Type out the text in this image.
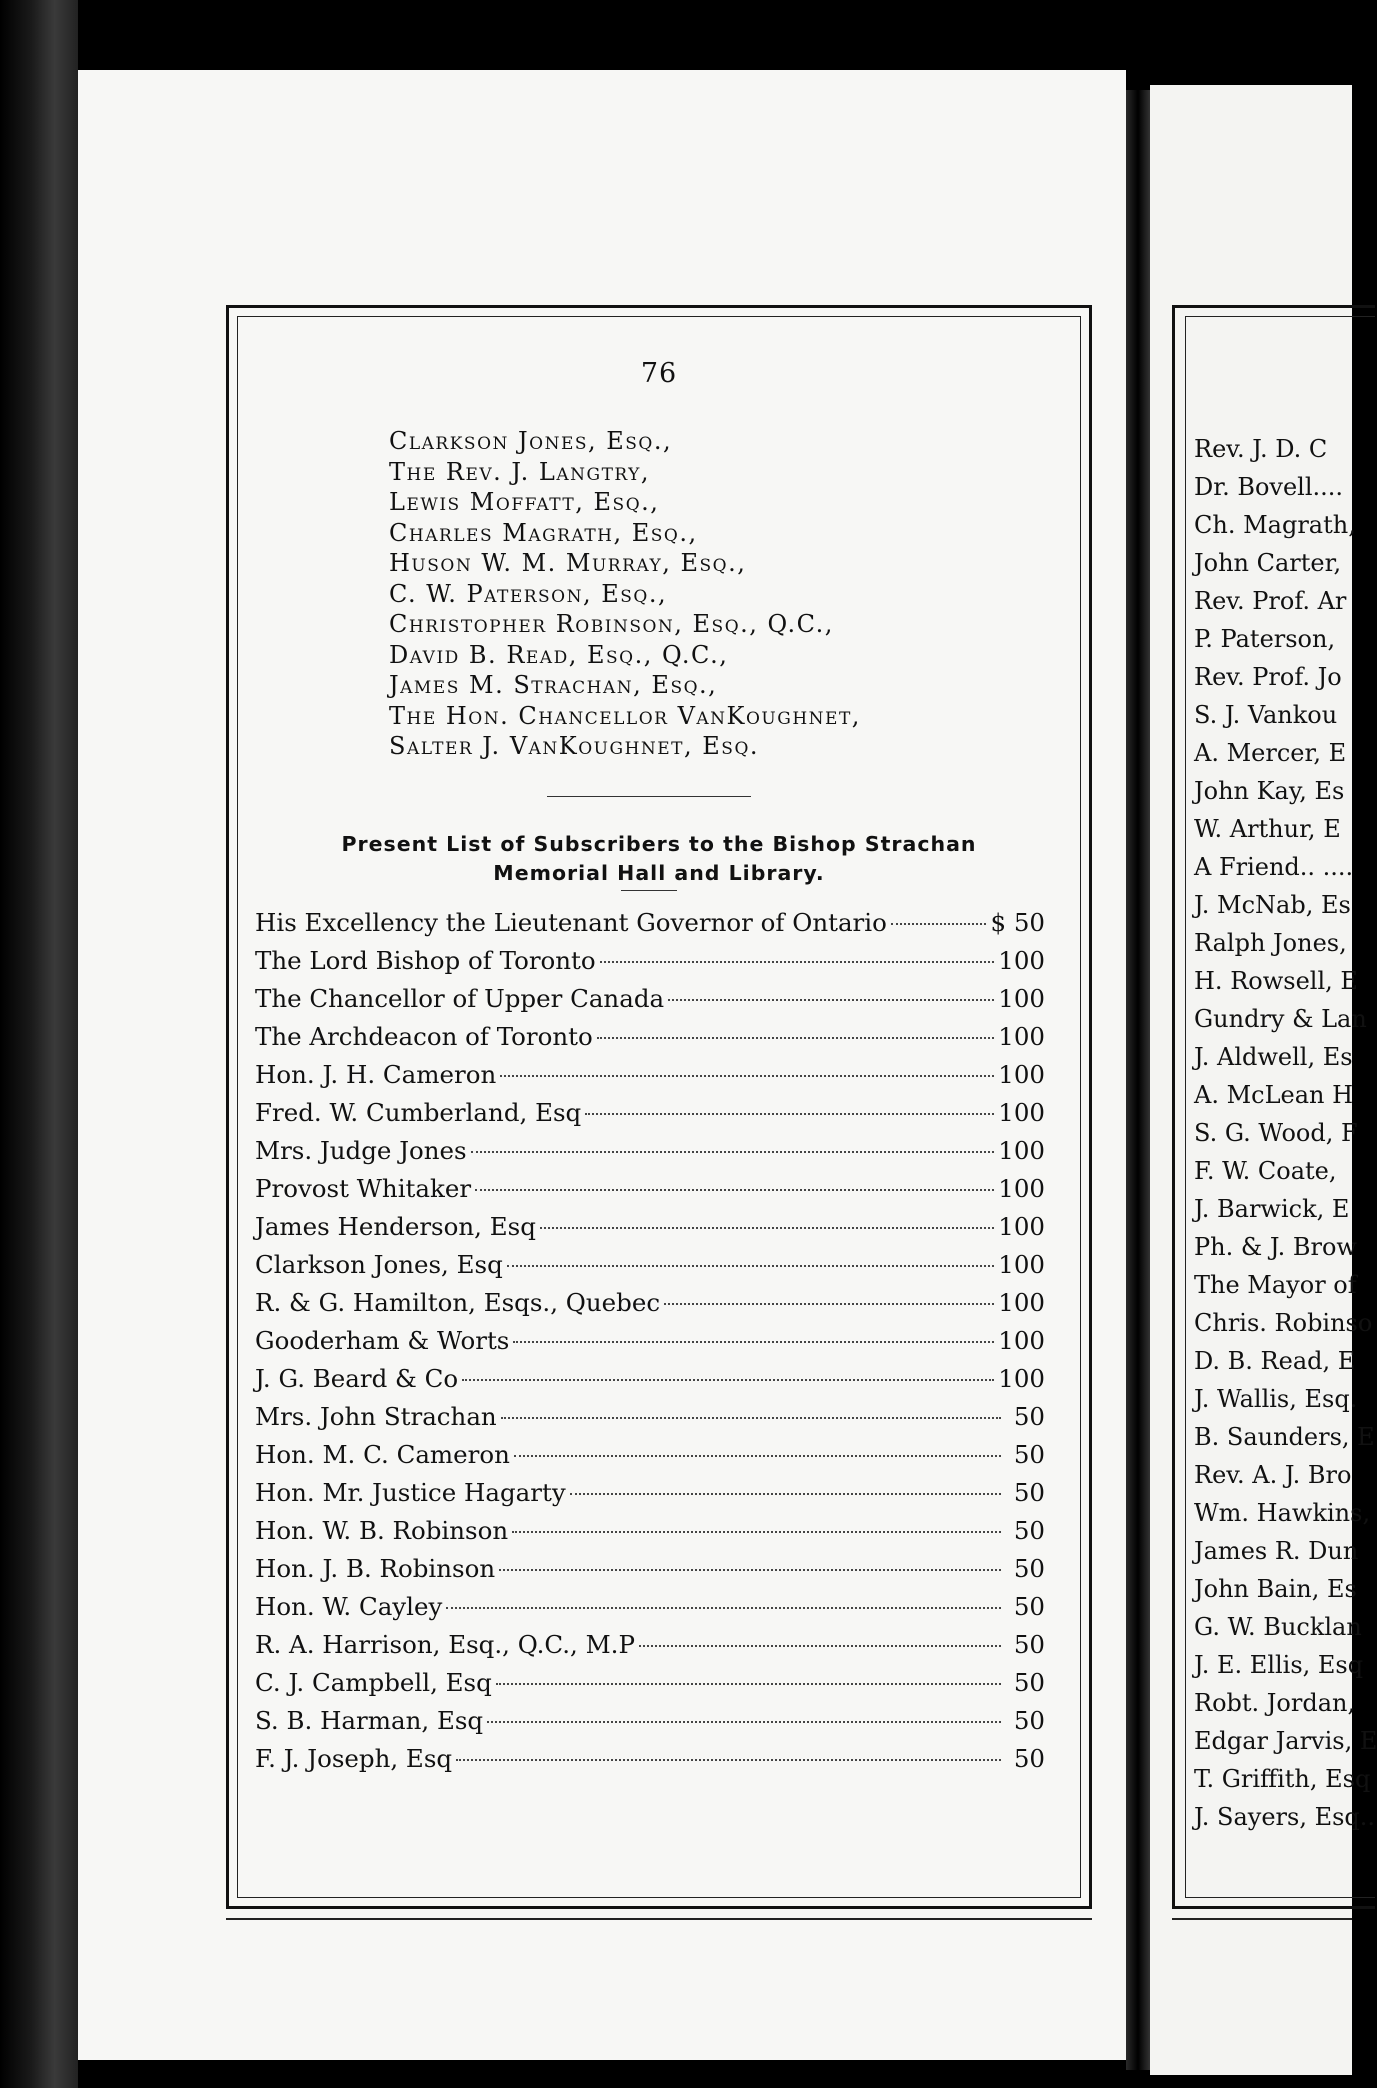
76
Clarkson Jones, Esq.,
The Rev. J. Langtry,
Lewis Moffatt, Esq.,
Charles Magrath, Esq.,
Huson W. M. Murray, Esq.,
C. W. Paterson, Esq.,
Christopher Robinson, Esq., Q.C.,
David B. Read, Esq., Q.C.,
James M. Strachan, Esq.,
The Hon. Chancellor VanKoughnet,
Salter J. VanKoughnet, Esq.
Present List of Subscribers to the Bishop Strachan
Memorial Hall and Library.
His Excellency the Lieutenant Governor of Ontario	$ 50
The Lord Bishop of Toronto	100
The Chancellor of Upper Canada	100
The Archdeacon of Toronto	100
Hon. J. H. Cameron	100
Fred. W. Cumberland, Esq	100
Mrs. Judge Jones	100
Provost Whitaker	100
James Henderson, Esq	100
Clarkson Jones, Esq	100
R. & G. Hamilton, Esqs., Quebec	100
Gooderham & Worts	100
J. G. Beard & Co	100
Mrs. John Strachan	50
Hon. M. C. Cameron	50
Hon. Mr. Justice Hagarty	50
Hon. W. B. Robinson	50
Hon. J. B. Robinson	50
Hon. W. Cayley	50
R. A. Harrison, Esq., Q.C., M.P	50
C. J. Campbell, Esq	50
S. B. Harman, Esq	50
F. J. Joseph, Esq	50
Rev. J. D. C
Dr. Bovell....
Ch. Magrath,
John Carter,
Rev. Prof. Ar
P. Paterson,
Rev. Prof. Jo
S. J. Vankou
A. Mercer, E
John Kay, Es
W. Arthur, E
A Friend.. ....
J. McNab, Es
Ralph Jones,
H. Rowsell, E
Gundry & Lan
J. Aldwell, Es
A. McLean H
S. G. Wood, F
F. W. Coate,
J. Barwick, E
Ph. & J. Brow
The Mayor of
Chris. Robinso
D. B. Read, E
J. Wallis, Esq.
B. Saunders, E
Rev. A. J. Bro
Wm. Hawkins,
James R. Dun
John Bain, Es
G. W. Bucklan
J. E. Ellis, Esq
Robt. Jordan,
Edgar Jarvis, E
T. Griffith, Esq
J. Sayers, Esq..
